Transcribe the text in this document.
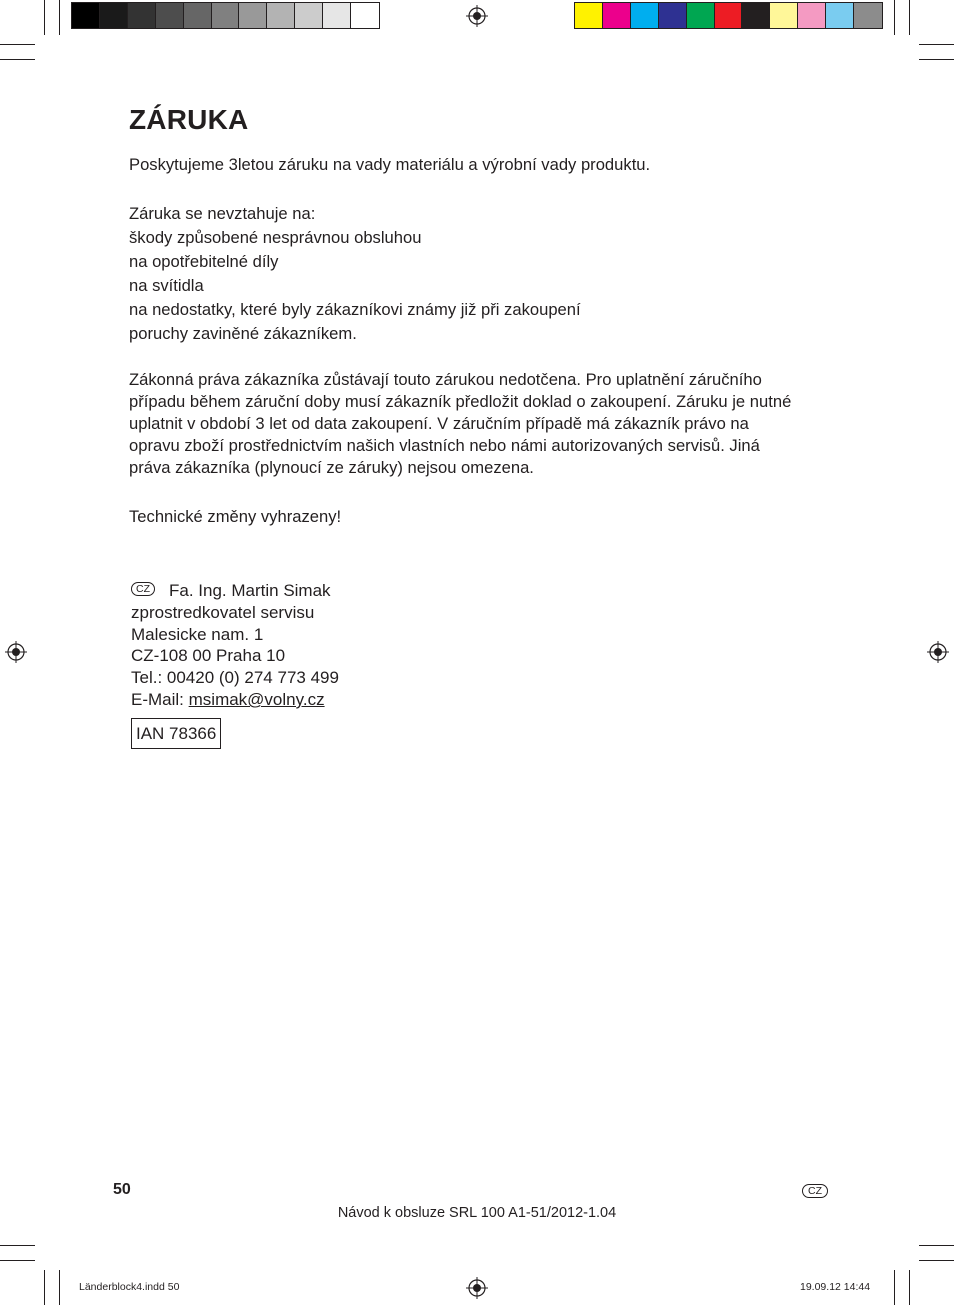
ZÁRUKA
Poskytujeme 3letou záruku na vady materiálu a výrobní vady produktu.
Záruka se nevztahuje na:
škody způsobené nesprávnou obsluhou
na opotřebitelné díly
na svítidla
na nedostatky, které byly zákazníkovi známy již při zakoupení
poruchy zaviněné zákazníkem.
Zákonná práva zákazníka zůstávají touto zárukou nedotčena. Pro uplatnění záručního
případu během záruční doby musí zákazník předložit doklad o zakoupení. Záruku je nutné
uplatnit v období 3 let od data zakoupení. V záručním případě má zákazník právo na
opravu zboží prostřednictvím našich vlastních nebo námi autorizovaných servisů. Jiná
práva zákazníka (plynoucí ze záruky) nejsou omezena.
Technické změny vyhrazeny!
CZ Fa. Ing. Martin Simak
zprostredkovatel servisu
Malesicke nam. 1
CZ-108 00 Praha 10
Tel.: 00420 (0) 274 773 499
E-Mail: msimak@volny.cz
IAN 78366
50	CZ
Návod k obsluze SRL 100 A1-51/2012-1.04
Länderblock4.indd 50	19.09.12 14:44
